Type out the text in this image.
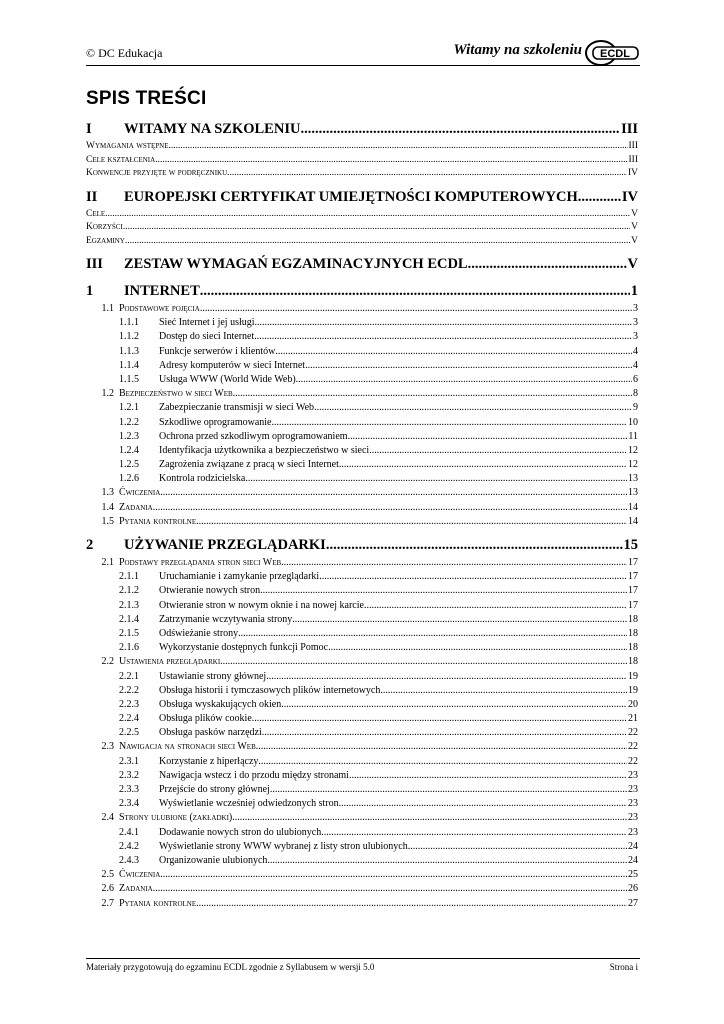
© DC Edukacja	Witamy na szkoleniu ECDL
SPIS TREŚCI
I	WITAMY NA SZKOLENIU .....	III
Wymagania wstępne .....	III
Cele kształcenia .....	III
Konwencje przyjęte w podręczniku .....	IV
II	EUROPEJSKI CERTYFIKAT UMIEJĘTNOŚCI KOMPUTEROWYCH .....	IV
Cele .....	V
Korzyści .....	V
Egzaminy .....	V
III	ZESTAW WYMAGAŃ EGZAMINACYJNYCH ECDL .....	V
1	INTERNET .....	1
1.1 Podstawowe pojęcia .....	3
1.1.1	Sieć Internet i jej usługi .....	3
1.1.2	Dostęp do sieci Internet .....	3
1.1.3	Funkcje serwerów i klientów .....	4
1.1.4	Adresy komputerów w sieci Internet .....	4
1.1.5	Usługa WWW (World Wide Web) .....	6
1.2 Bezpieczeństwo w sieci Web .....	8
1.2.1	Zabezpieczanie transmisji w sieci Web .....	9
1.2.2	Szkodliwe oprogramowanie .....	10
1.2.3	Ochrona przed szkodliwym oprogramowaniem .....	11
1.2.4	Identyfikacja użytkownika a bezpieczeństwo w sieci .....	12
1.2.5	Zagrożenia związane z pracą w sieci Internet .....	12
1.2.6	Kontrola rodzicielska .....	13
1.3 Ćwiczenia .....	13
1.4 Zadania .....	14
1.5 Pytania kontrolne .....	14
2	UŻYWANIE PRZEGLĄDARKI .....	15
2.1 Podstawy przeglądania stron sieci Web .....	17
2.1.1	Uruchamianie i zamykanie przeglądarki .....	17
2.1.2	Otwieranie nowych stron .....	17
2.1.3	Otwieranie stron w nowym oknie i na nowej karcie .....	17
2.1.4	Zatrzymanie wczytywania strony .....	18
2.1.5	Odświeżanie strony .....	18
2.1.6	Wykorzystanie dostępnych funkcji Pomoc .....	18
2.2 Ustawienia przeglądarki .....	18
2.2.1	Ustawianie strony głównej .....	19
2.2.2	Obsługa historii i tymczasowych plików internetowych .....	19
2.2.3	Obsługa wyskakujących okien .....	20
2.2.4	Obsługa plików cookie .....	21
2.2.5	Obsługa pasków narzędzi .....	22
2.3 Nawigacja na stronach sieci Web .....	22
2.3.1	Korzystanie z hiperłączy .....	22
2.3.2	Nawigacja wstecz i do przodu między stronami .....	23
2.3.3	Przejście do strony głównej .....	23
2.3.4	Wyświetlanie wcześniej odwiedzonych stron .....	23
2.4 Strony ulubione (zakładki) .....	23
2.4.1	Dodawanie nowych stron do ulubionych .....	23
2.4.2	Wyświetlanie strony WWW wybranej z listy stron ulubionych .....	24
2.4.3	Organizowanie ulubionych .....	24
2.5 Ćwiczenia .....	25
2.6 Zadania .....	26
2.7 Pytania kontrolne .....	27
Materiały przygotowują do egzaminu ECDL zgodnie z Syllabusem w wersji 5.0	Strona i
